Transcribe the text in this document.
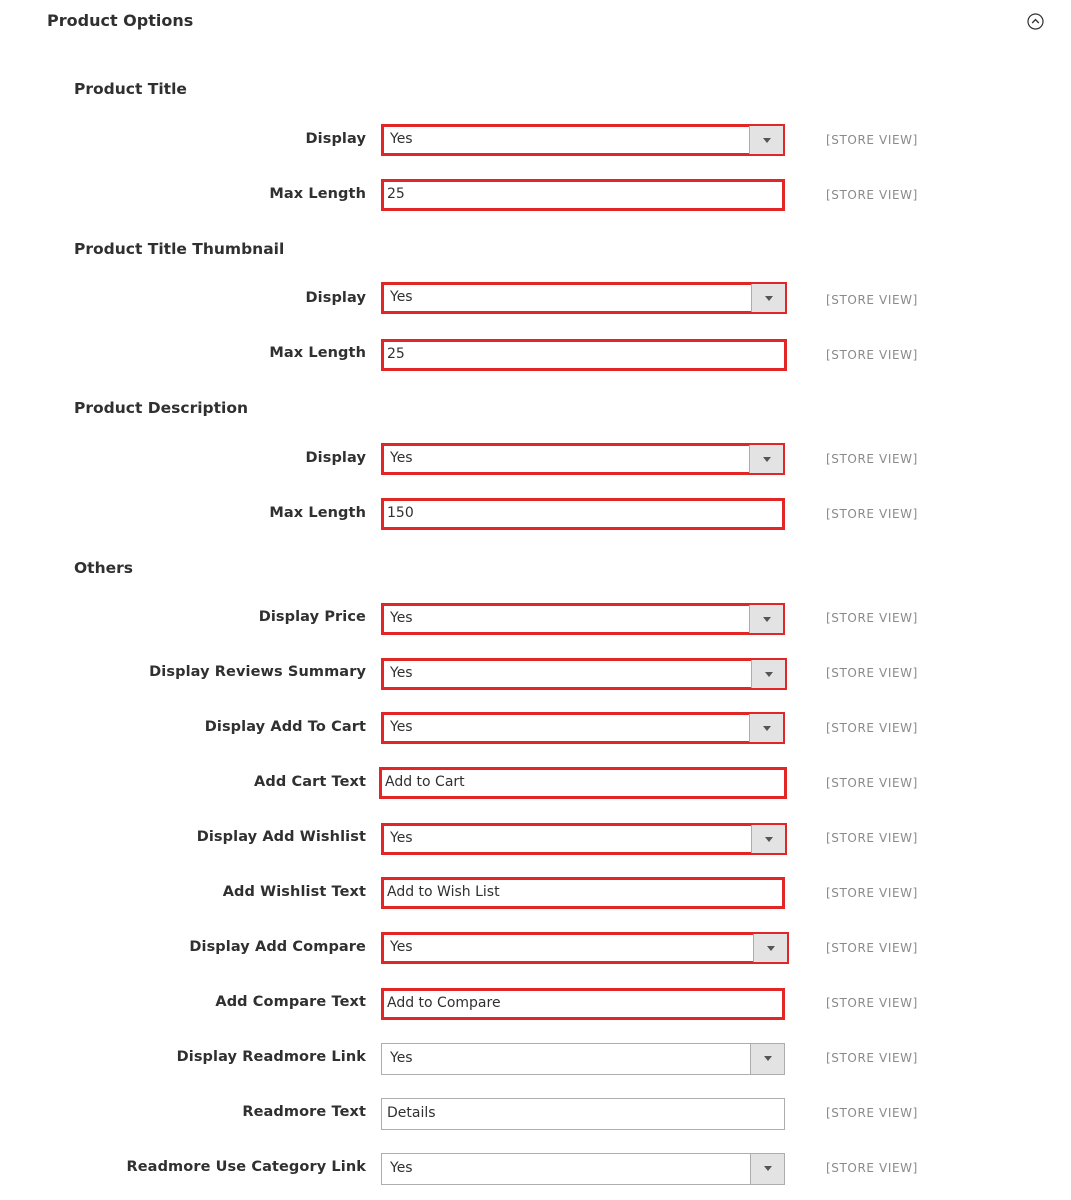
Product Options
Product Title
Display Yes	[STORE VIEW]
Max Length 25	[STORE VIEW]
Product Title Thumbnail
Display Yes	[STORE VIEW]
Max Length 25	[STORE VIEW]
Product Description
Display Yes	[STORE VIEW]
Max Length 150	[STORE VIEW]
Others
Display Price Yes	[STORE VIEW]
Display Reviews Summary Yes	[STORE VIEW]
Display Add To Cart Yes	[STORE VIEW]
Add Cart Text Add to Cart	[STORE VIEW]
Display Add Wishlist Yes	[STORE VIEW]
Add Wishlist Text Add to Wish List	[STORE VIEW]
Display Add Compare Yes	[STORE VIEW]
Add Compare Text Add to Compare	[STORE VIEW]
Display Readmore Link Yes	[STORE VIEW]
Readmore Text Details	[STORE VIEW]
Readmore Use Category Link Yes	[STORE VIEW]
